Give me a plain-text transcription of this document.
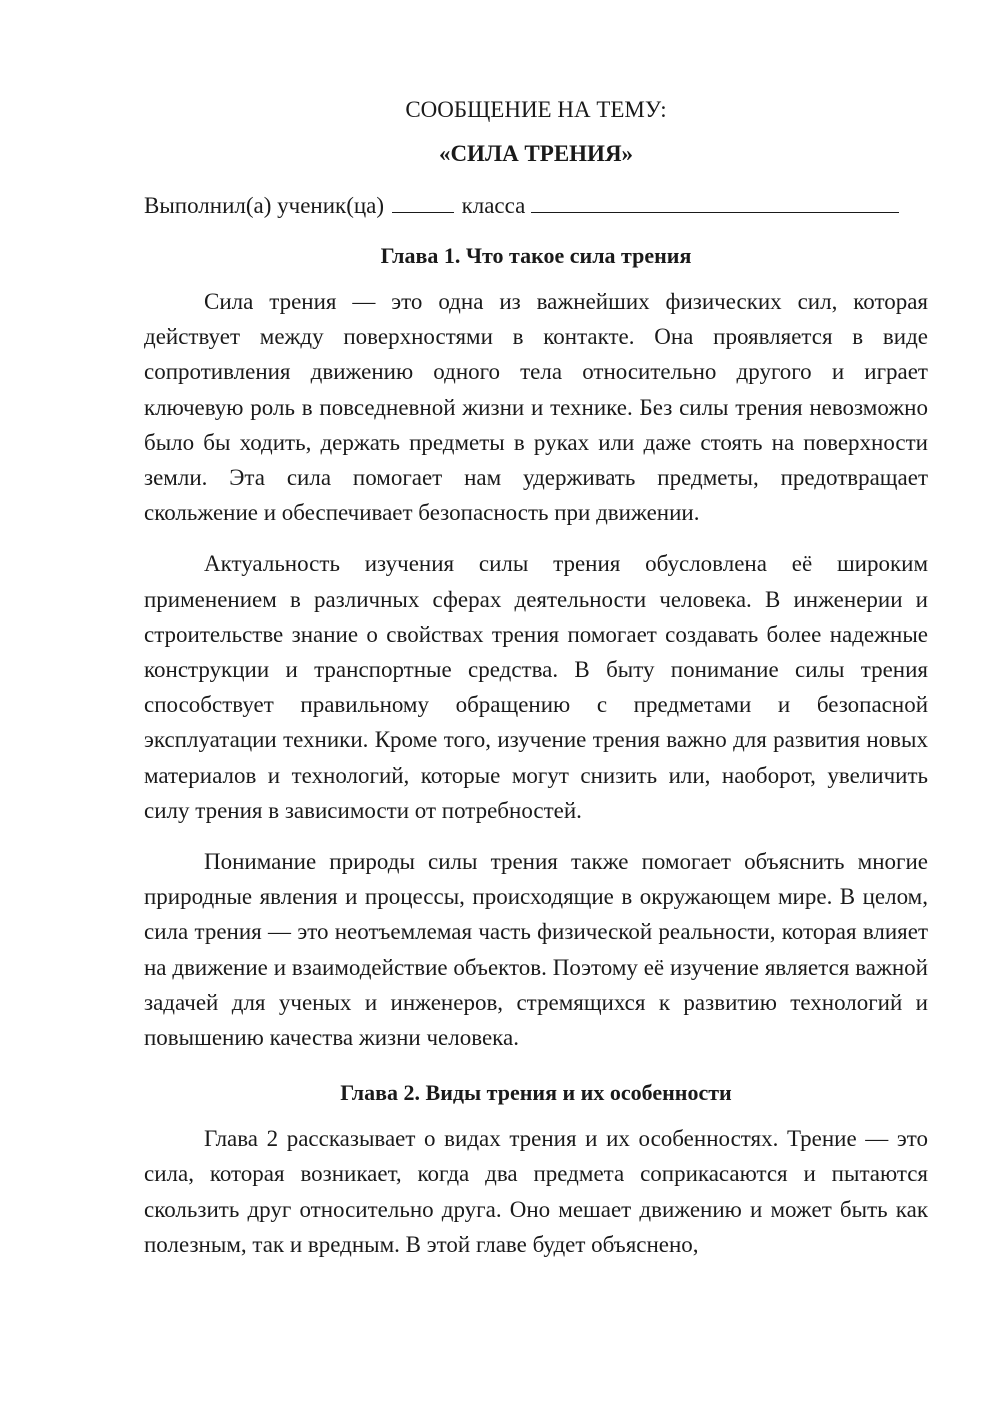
СООБЩЕНИЕ НА ТЕМУ:

«СИЛА ТРЕНИЯ»

Выполнил(а) ученик(ца)	класса

Глава 1. Что такое сила трения

Сила трения — это одна из важнейших физических сил, которая действует между поверхностями в контакте. Она проявляется в виде сопротивления движению одного тела относительно другого и играет ключевую роль в повседневной жизни и технике. Без силы трения невозможно было бы ходить, держать предметы в руках или даже стоять на поверхности земли. Эта сила помогает нам удерживать предметы, предотвращает скольжение и обеспечивает безопасность при движении.

Актуальность изучения силы трения обусловлена её широким применением в различных сферах деятельности человека. В инженерии и строительстве знание о свойствах трения помогает создавать более надежные конструкции и транспортные средства. В быту понимание силы трения способствует правильному обращению с предметами и безопасной эксплуатации техники. Кроме того, изучение трения важно для развития новых материалов и технологий, которые могут снизить или, наоборот, увеличить силу трения в зависимости от потребностей.

Понимание природы силы трения также помогает объяснить многие природные явления и процессы, происходящие в окружающем мире. В целом, сила трения — это неотъемлемая часть физической реальности, которая влияет на движение и взаимодействие объектов. Поэтому её изучение является важной задачей для ученых и инженеров, стремящихся к развитию технологий и повышению качества жизни человека.

Глава 2. Виды трения и их особенности

Глава 2 рассказывает о видах трения и их особенностях. Трение — это сила, которая возникает, когда два предмета соприкасаются и пытаются скользить друг относительно друга. Оно мешает движению и может быть как полезным, так и вредным. В этой главе будет объяснено,
